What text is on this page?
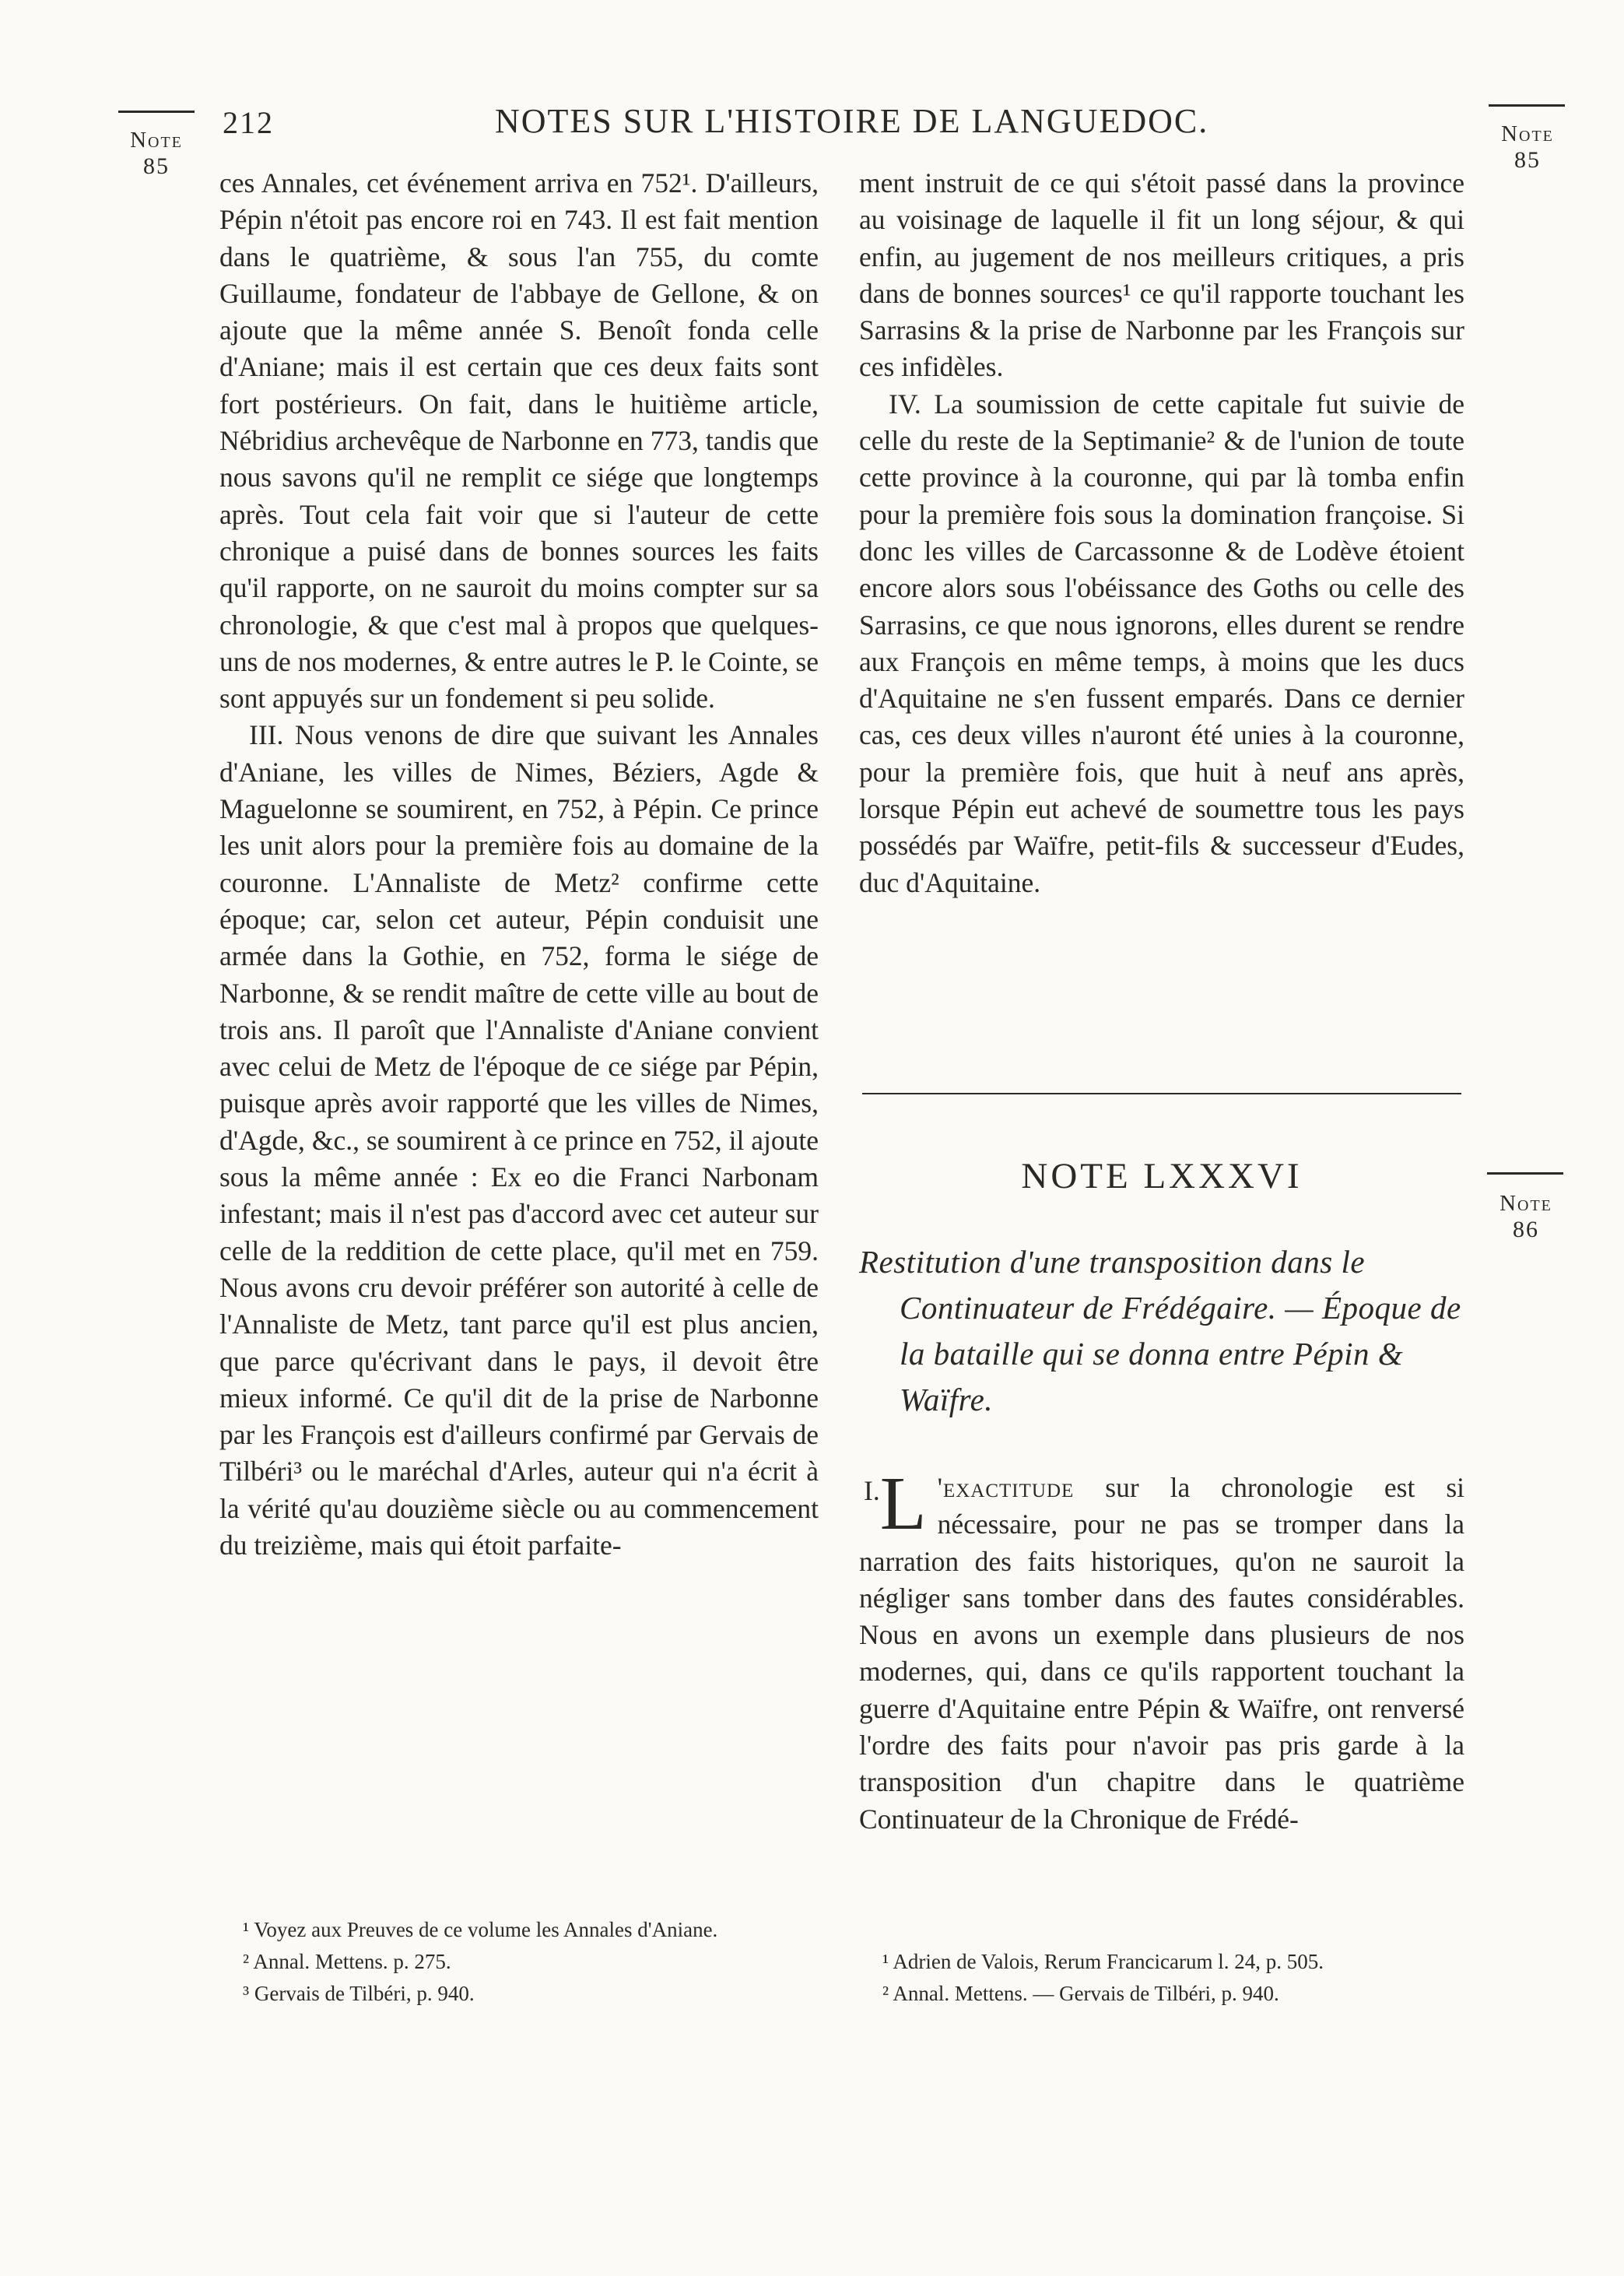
Note
85
Note
85
Note
86
212	NOTES SUR L'HISTOIRE DE LANGUEDOC.

ces Annales, cet événement arriva en 752¹. D'ailleurs, Pépin n'étoit pas encore roi en 743. Il est fait mention dans le quatrième, & sous l'an 755, du comte Guillaume, fondateur de l'abbaye de Gellone, & on ajoute que la même année S. Benoît fonda celle d'Aniane; mais il est certain que ces deux faits sont fort postérieurs. On fait, dans le huitième article, Nébridius archevêque de Narbonne en 773, tandis que nous savons qu'il ne remplit ce siége que longtemps après. Tout cela fait voir que si l'auteur de cette chronique a puisé dans de bonnes sources les faits qu'il rapporte, on ne sauroit du moins compter sur sa chronologie, & que c'est mal à propos que quelques-uns de nos modernes, & entre autres le P. le Cointe, se sont appuyés sur un fondement si peu solide.

III. Nous venons de dire que suivant les Annales d'Aniane, les villes de Nimes, Béziers, Agde & Maguelonne se soumirent, en 752, à Pépin. Ce prince les unit alors pour la première fois au domaine de la couronne. L'Annaliste de Metz² confirme cette époque; car, selon cet auteur, Pépin conduisit une armée dans la Gothie, en 752, forma le siége de Narbonne, & se rendit maître de cette ville au bout de trois ans. Il paroît que l'Annaliste d'Aniane convient avec celui de Metz de l'époque de ce siége par Pépin, puisque après avoir rapporté que les villes de Nimes, d'Agde, &c., se soumirent à ce prince en 752, il ajoute sous la même année : Ex eo die Franci Narbonam infestant; mais il n'est pas d'accord avec cet auteur sur celle de la reddition de cette place, qu'il met en 759. Nous avons cru devoir préférer son autorité à celle de l'Annaliste de Metz, tant parce qu'il est plus ancien, que parce qu'écrivant dans le pays, il devoit être mieux informé. Ce qu'il dit de la prise de Narbonne par les François est d'ailleurs confirmé par Gervais de Tilbéri³ ou le maréchal d'Arles, auteur qui n'a écrit à la vérité qu'au douzième siècle ou au commencement du treizième, mais qui étoit parfaite-

¹ Voyez aux Preuves de ce volume les Annales d'Aniane.

² Annal. Mettens. p. 275.

³ Gervais de Tilbéri, p. 940.

ment instruit de ce qui s'étoit passé dans la province au voisinage de laquelle il fit un long séjour, & qui enfin, au jugement de nos meilleurs critiques, a pris dans de bonnes sources¹ ce qu'il rapporte touchant les Sarrasins & la prise de Narbonne par les François sur ces infidèles.

IV. La soumission de cette capitale fut suivie de celle du reste de la Septimanie² & de l'union de toute cette province à la couronne, qui par là tomba enfin pour la première fois sous la domination françoise. Si donc les villes de Carcassonne & de Lodève étoient encore alors sous l'obéissance des Goths ou celle des Sarrasins, ce que nous ignorons, elles durent se rendre aux François en même temps, à moins que les ducs d'Aquitaine ne s'en fussent emparés. Dans ce dernier cas, ces deux villes n'auront été unies à la couronne, pour la première fois, que huit à neuf ans après, lorsque Pépin eut achevé de soumettre tous les pays possédés par Waïfre, petit-fils & successeur d'Eudes, duc d'Aquitaine.

NOTE LXXXVI

Restitution d'une transposition dans le Continuateur de Frédégaire. — Époque de la bataille qui se donna entre Pépin & Waïfre.

$^{I.}$L 'exactitude sur la chronologie est si nécessaire, pour ne pas se tromper dans la narration des faits historiques, qu'on ne sauroit la négliger sans tomber dans des fautes considérables. Nous en avons un exemple dans plusieurs de nos modernes, qui, dans ce qu'ils rapportent touchant la guerre d'Aquitaine entre Pépin & Waïfre, ont renversé l'ordre des faits pour n'avoir pas pris garde à la transposition d'un chapitre dans le quatrième Continuateur de la Chronique de Frédé-

¹ Adrien de Valois, Rerum Francicarum l. 24, p. 505.

² Annal. Mettens. — Gervais de Tilbéri, p. 940.
